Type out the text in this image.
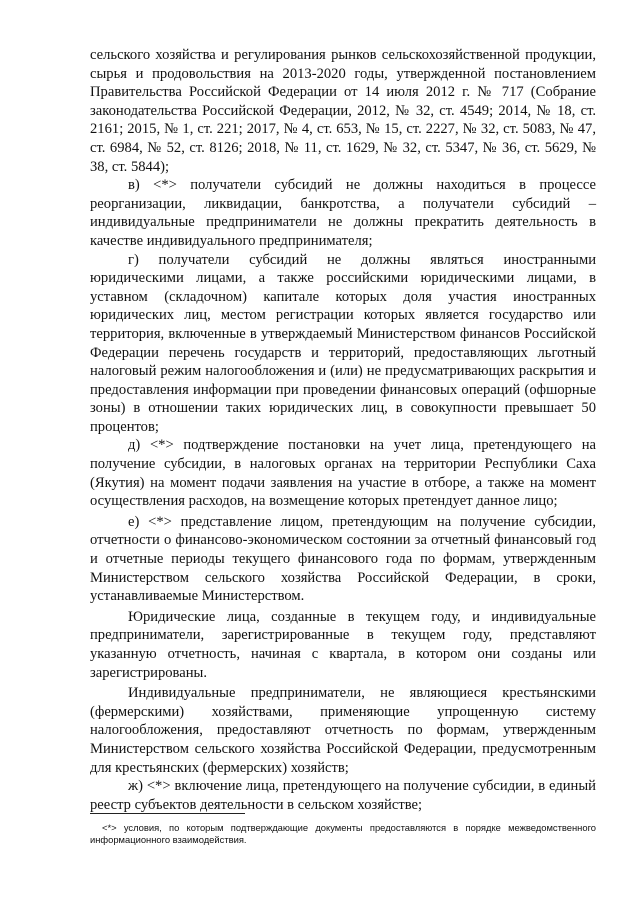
сельского хозяйства и регулирования рынков сельскохозяйственной продукции, сырья и продовольствия на 2013-2020 годы, утвержденной постановлением Правительства Российской Федерации от 14 июля 2012 г. № 717 (Собрание законодательства Российской Федерации, 2012, № 32, ст. 4549; 2014, № 18, ст. 2161; 2015, № 1, ст. 221; 2017, № 4, ст. 653, № 15, ст. 2227, № 32, ст. 5083, № 47, ст. 6984, № 52, ст. 8126; 2018, № 11, ст. 1629, № 32, ст. 5347, № 36, ст. 5629, № 38, ст. 5844);

в) <*> получатели субсидий не должны находиться в процессе реорганизации, ликвидации, банкротства, а получатели субсидий – индивидуальные предприниматели не должны прекратить деятельность в качестве индивидуального предпринимателя;

г) получатели субсидий не должны являться иностранными юридическими лицами, а также российскими юридическими лицами, в уставном (складочном) капитале которых доля участия иностранных юридических лиц, местом регистрации которых является государство или территория, включенные в утверждаемый Министерством финансов Российской Федерации перечень государств и территорий, предоставляющих льготный налоговый режим налогообложения и (или) не предусматривающих раскрытия и предоставления информации при проведении финансовых операций (офшорные зоны) в отношении таких юридических лиц, в совокупности превышает 50 процентов;

д) <*> подтверждение постановки на учет лица, претендующего на получение субсидии, в налоговых органах на территории Республики Саха (Якутия) на момент подачи заявления на участие в отборе, а также на момент осуществления расходов, на возмещение которых претендует данное лицо;

е) <*> представление лицом, претендующим на получение субсидии, отчетности о финансово-экономическом состоянии за отчетный финансовый год и отчетные периоды текущего финансового года по формам, утвержденным Министерством сельского хозяйства Российской Федерации, в сроки, устанавливаемые Министерством.

Юридические лица, созданные в текущем году, и индивидуальные предприниматели, зарегистрированные в текущем году, представляют указанную отчетность, начиная с квартала, в котором они созданы или зарегистрированы.

Индивидуальные предприниматели, не являющиеся крестьянскими (фермерскими) хозяйствами, применяющие упрощенную систему налогообложения, предоставляют отчетность по формам, утвержденным Министерством сельского хозяйства Российской Федерации, предусмотренным для крестьянских (фермерских) хозяйств;

ж) <*> включение лица, претендующего на получение субсидии, в единый реестр субъектов деятельности в сельском хозяйстве;

<*> условия, по которым подтверждающие документы предоставляются в порядке межведомственного информационного взаимодействия.
